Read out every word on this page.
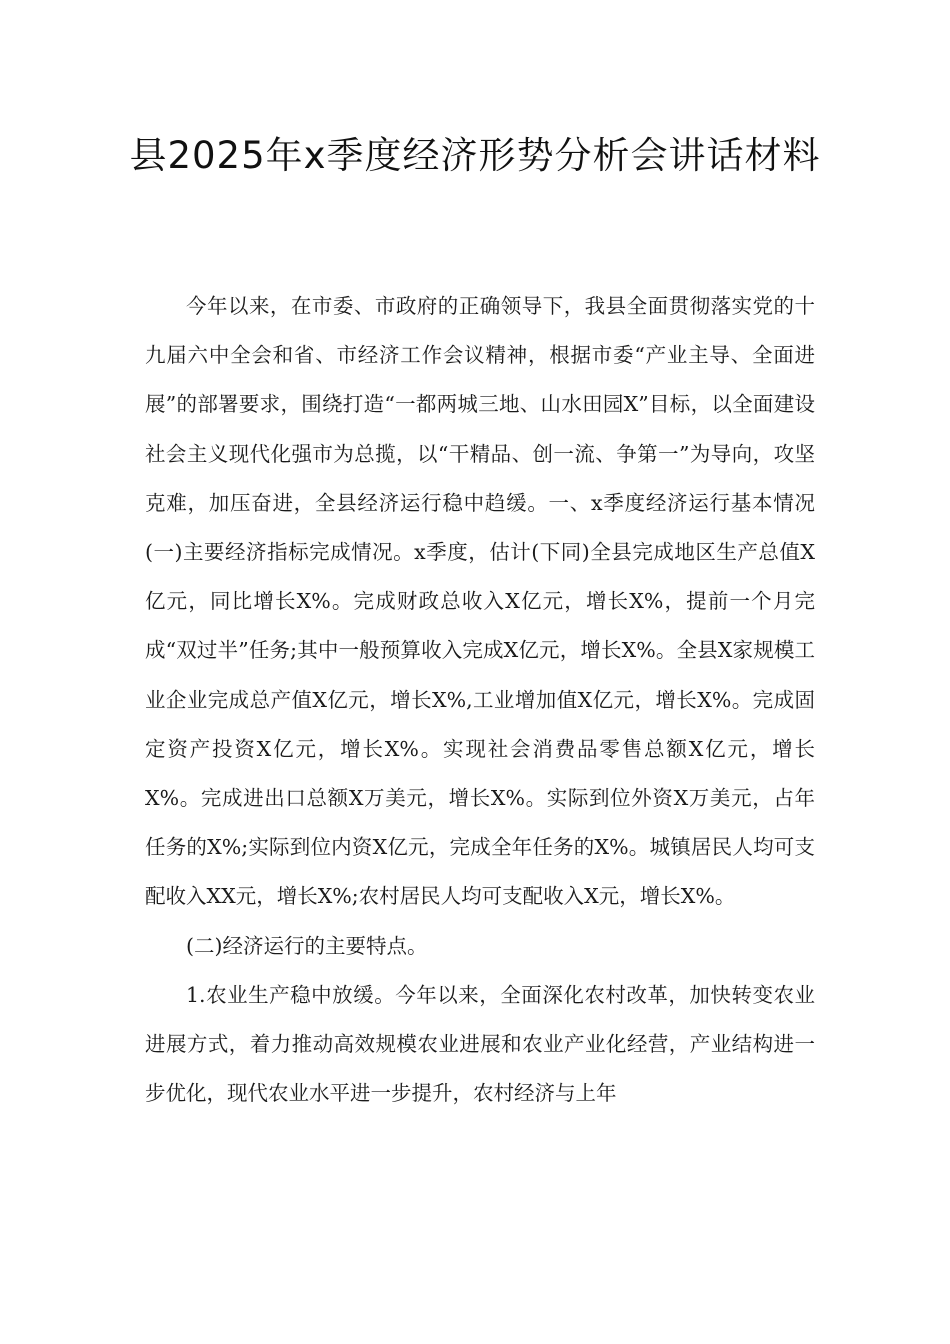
县2025年x季度经济形势分析会讲话材料

今年以来，在市委、市政府的正确领导下，我县全面贯彻落实党的十九届六中全会和省、市经济工作会议精神，根据市委“产业主导、全面进展”的部署要求，围绕打造“一都两城三地、山水田园X”目标，以全面建设社会主义现代化强市为总揽，以“干精品、创一流、争第一”为导向，攻坚克难，加压奋进，全县经济运行稳中趋缓。一、x季度经济运行基本情况　　(一)主要经济指标完成情况。x季度，估计(下同)全县完成地区生产总值X亿元，同比增长X%。完成财政总收入X亿元，增长X%，提前一个月完成“双过半”任务;其中一般预算收入完成X亿元，增长X%。全县X家规模工业企业完成总产值X亿元，增长X%,工业增加值X亿元，增长X%。完成固定资产投资X亿元，增长X%。实现社会消费品零售总额X亿元，增长X%。完成进出口总额X万美元，增长X%。实际到位外资X万美元，占年任务的X%;实际到位内资X亿元，完成全年任务的X%。城镇居民人均可支配收入XX元，增长X%;农村居民人均可支配收入X元，增长X%。

(二)经济运行的主要特点。

1.农业生产稳中放缓。今年以来，全面深化农村改革，加快转变农业进展方式，着力推动高效规模农业进展和农业产业化经营，产业结构进一步优化，现代农业水平进一步提升，农村经济与上年
